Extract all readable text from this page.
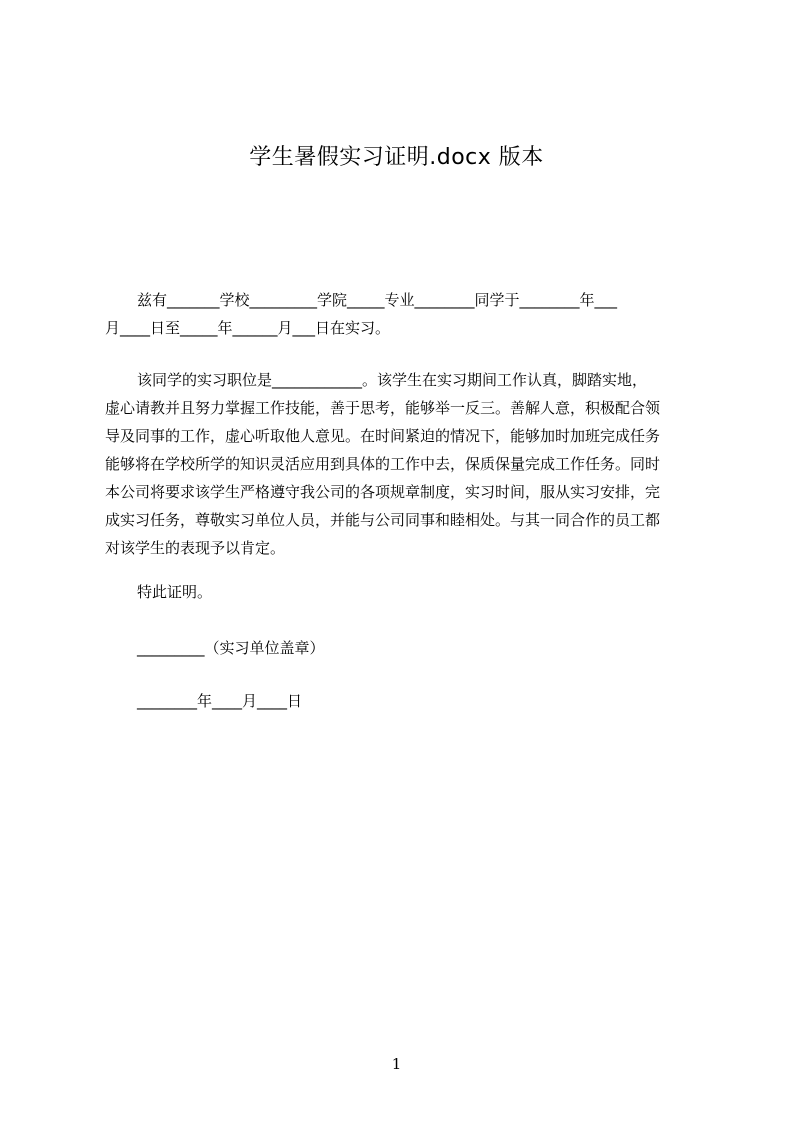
学生暑假实习证明.docx 版本
兹有_______学校_________学院_____专业________同学于________年___
月____日至_____年______月___日在实习。
该同学的实习职位是____________。该学生在实习期间工作认真，脚踏实地，
虚心请教并且努力掌握工作技能，善于思考，能够举一反三。善解人意，积极配合领
导及同事的工作，虚心听取他人意见。在时间紧迫的情况下，能够加时加班完成任务
能够将在学校所学的知识灵活应用到具体的工作中去，保质保量完成工作任务。同时
本公司将要求该学生严格遵守我公司的各项规章制度，实习时间，服从实习安排，完
成实习任务，尊敬实习单位人员，并能与公司同事和睦相处。与其一同合作的员工都
对该学生的表现予以肯定。
特此证明。
_________（实习单位盖章）
________年____月____日
1
